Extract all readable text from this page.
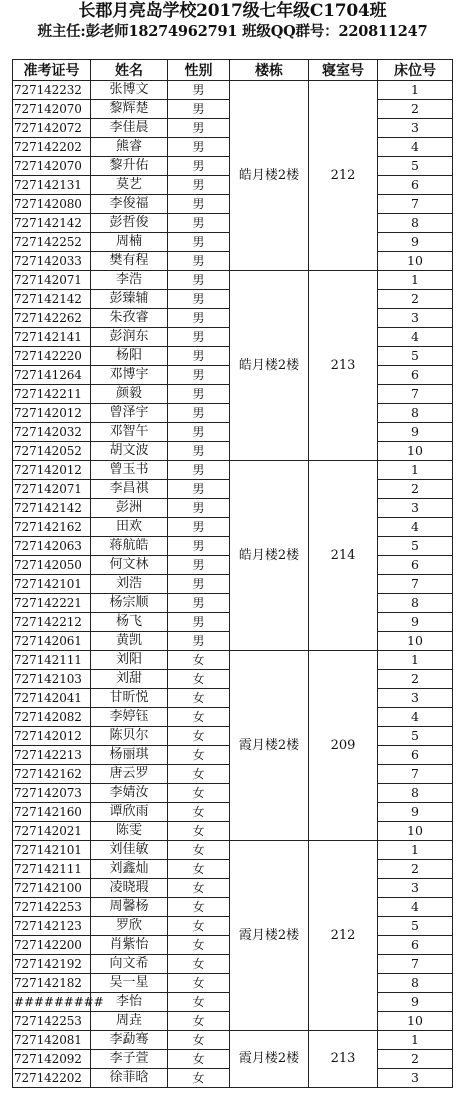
长郡月亮岛学校2017级七年级C1704班
班主任:彭老师18274962791 班级QQ群号：220811247
准考证号	姓名	性别	楼栋	寝室号	床位号
727142232	张博文	男	皓月楼2楼	212	1
727142070	黎辉楚	男			2
727142072	李佳晨	男			3
727142202	熊睿	男			4
727142070	黎升佑	男			5
727142131	莫艺	男			6
727142080	李俊福	男			7
727142142	彭哲俊	男			8
727142252	周楠	男			9
727142033	樊有程	男			10
727142071	李浩	男	皓月楼2楼	213	1
727142142	彭臻辅	男			2
727142262	朱孜睿	男			3
727142141	彭润东	男			4
727142220	杨阳	男			5
727141264	邓博宇	男			6
727142211	颜毅	男			7
727142012	曾泽宇	男			8
727142032	邓智午	男			9
727142052	胡文波	男			10
727142012	曾玉书	男	皓月楼2楼	214	1
727142071	李昌祺	男			2
727142142	彭洲	男			3
727142162	田欢	男			4
727142063	蒋航皓	男			5
727142050	何文林	男			6
727142101	刘浩	男			7
727142221	杨宗顺	男			8
727142212	杨飞	男			9
727142061	黄凯	男			10
727142111	刘阳	女	霞月楼2楼	209	1
727142103	刘甜	女			2
727142041	甘昕悦	女			3
727142082	李婷钰	女			4
727142012	陈贝尔	女			5
727142213	杨丽琪	女			6
727142162	唐云罗	女			7
727142073	李婧汝	女			8
727142160	谭欣雨	女			9
727142021	陈雯	女			10
727142101	刘佳敏	女	霞月楼2楼	212	1
727142111	刘鑫灿	女			2
727142100	凌晓瑕	女			3
727142253	周馨杨	女			4
727142123	罗欣	女			5
727142200	肖紫怡	女			6
727142192	向文希	女			7
727142182	吴一星	女			8
#########	李怡	女			9
727142253	周垚	女			10
727142081	李勐骞	女	霞月楼2楼	213	1
727142092	李子萱	女			2
727142202	徐菲晗	女			3
